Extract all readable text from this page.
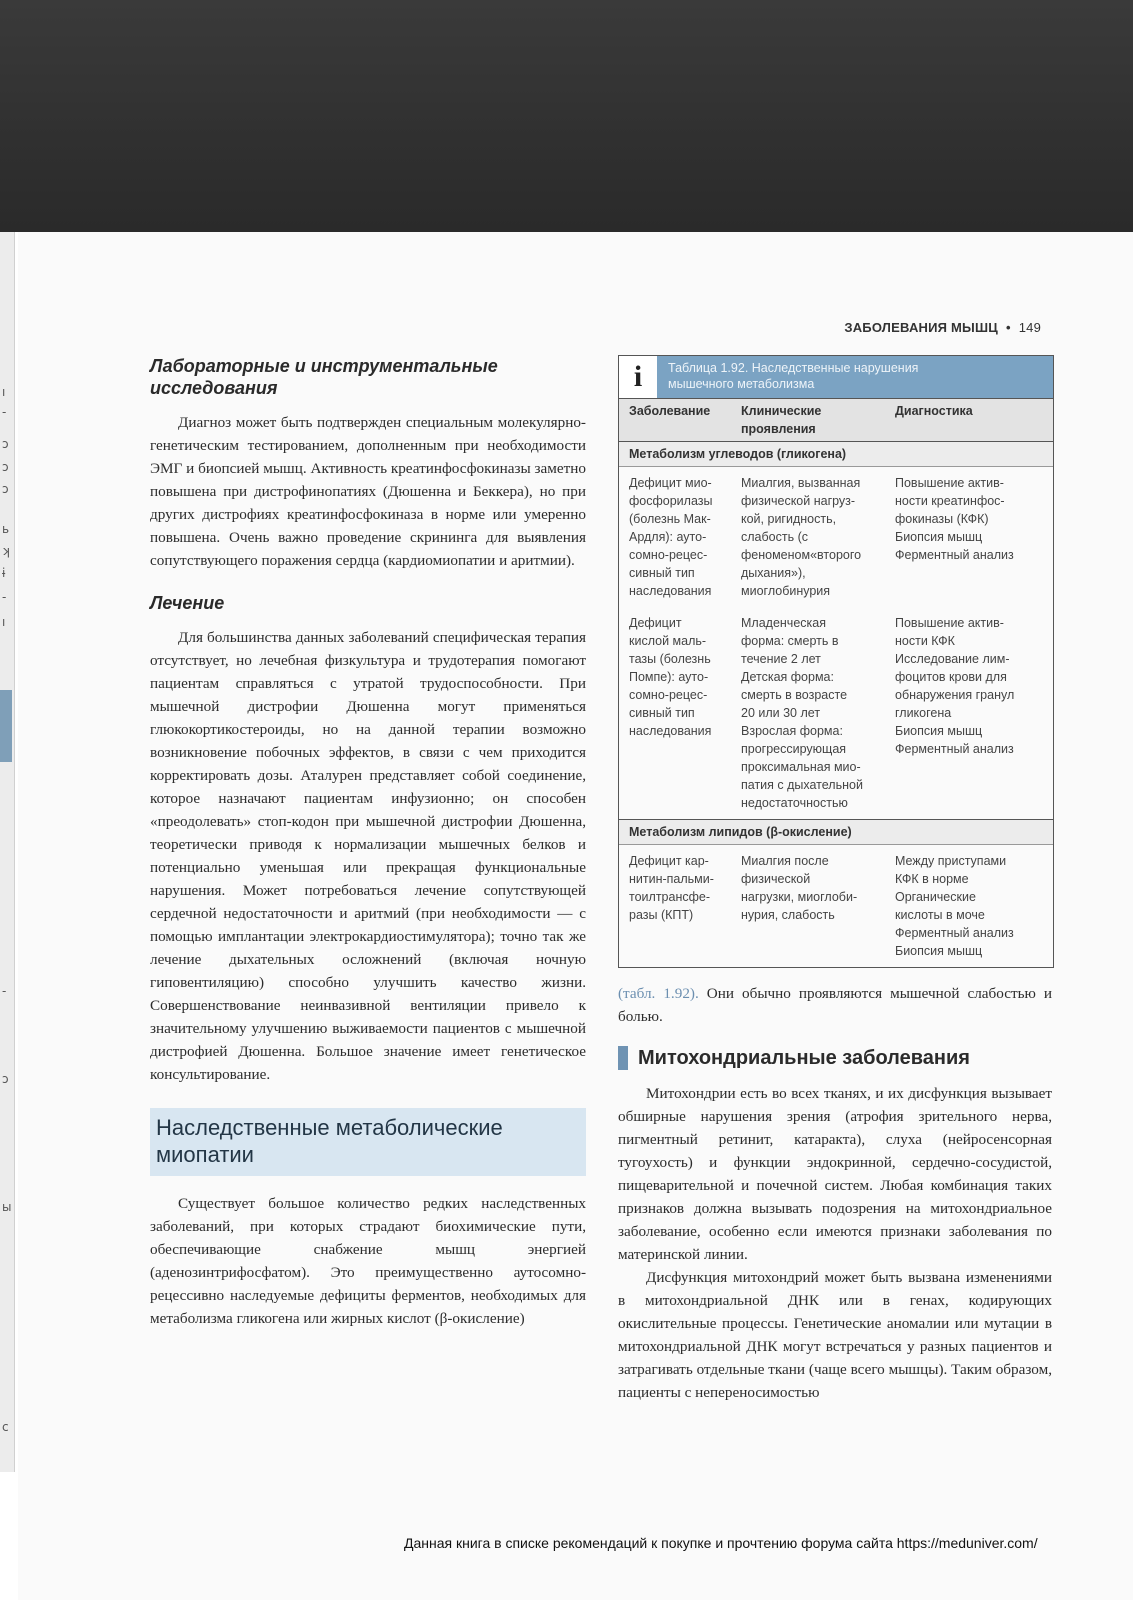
ı
-
ɔ
ɔ
ɔ
ь
ʞ
ɨ
-
ı
-
ɔ
ы
c
ЗАБОЛЕВАНИЯ МЫШЦ • 149
Лабораторные и инструментальные
исследования

Диагноз может быть подтвержден специальным молекулярно-генетическим тестированием, дополненным при необходимости ЭМГ и биопсией мышц. Активность креатинфосфокиназы заметно повышена при дистрофинопатиях (Дюшенна и Беккера), но при других дистрофиях креатинфосфокиназа в норме или умеренно повышена. Очень важно проведение скрининга для выявления сопутствующего поражения сердца (кардиомиопатии и аритмии).

Лечение

Для большинства данных заболеваний специфическая терапия отсутствует, но лечебная физкультура и трудотерапия помогают пациентам справляться с утратой трудоспособности. При мышечной дистрофии Дюшенна могут применяться глюкокортикостероиды, но на данной терапии возможно возникновение побочных эффектов, в связи с чем приходится корректировать дозы. Аталурен представляет собой соединение, которое назначают пациентам инфузионно; он способен «преодолевать» стоп-кодон при мышечной дистрофии Дюшенна, теоретически приводя к нормализации мышечных белков и потенциально уменьшая или прекращая функциональные нарушения. Может потребоваться лечение сопутствующей сердечной недостаточности и аритмий (при необходимости — с помощью имплантации электрокардиостимулятора); точно так же лечение дыхательных осложнений (включая ночную гиповентиляцию) способно улучшить качество жизни. Совершенствование неинвазивной вентиляции привело к значительному улучшению выживаемости пациентов с мышечной дистрофией Дюшенна. Большое значение имеет генетическое консультирование.

Наследственные метаболические
миопатии

Существует большое количество редких наследственных заболеваний, при которых страдают биохимические пути, обеспечивающие снабжение мышц энергией (аденозинтрифосфатом). Это преимущественно аутосомно-рецессивно наследуемые дефициты ферментов, необходимых для метаболизма гликогена или жирных кислот (β-окисление)

i	Таблица 1.92. Наследственные нарушения
мышечного метаболизма
Заболевание	Клинические
проявления
Диагностика
Метаболизм углеводов (гликогена)
Дефицит мио-
фосфорилазы
(болезнь Мак-
Ардля): ауто-
сомно-рецес-
сивный тип
наследования
Миалгия, вызванная
физической нагруз-
кой, ригидность,
слабость (с
феноменом«второго
дыхания»),
миоглобинурия
Повышение актив-
ности креатинфос-
фокиназы (КФК)
Биопсия мышц
Ферментный анализ
Дефицит
кислой маль-
тазы (болезнь
Помпе): ауто-
сомно-рецес-
сивный тип
наследования
Младенческая
форма: смерть в
течение 2 лет
Детская форма:
смерть в возрасте
20 или 30 лет
Взрослая форма:
прогрессирующая
проксимальная мио-
патия с дыхательной
недостаточностью
Повышение актив-
ности КФК
Исследование лим-
фоцитов крови для
обнаружения гранул
гликогена
Биопсия мышц
Ферментный анализ
Метаболизм липидов (β-окисление)
Дефицит кар-
нитин-пальми-
тоилтрансфе-
разы (КПТ)
Миалгия после
физической
нагрузки, миоглоби-
нурия, слабость
Между приступами
КФК в норме
Органические
кислоты в моче
Ферментный анализ
Биопсия мышц

(табл. 1.92). Они обычно проявляются мышечной слабостью и болью.

Митохондриальные заболевания

Митохондрии есть во всех тканях, и их дисфункция вызывает обширные нарушения зрения (атрофия зрительного нерва, пигментный ретинит, катаракта), слуха (нейросенсорная тугоухость) и функции эндокринной, сердечно-сосудистой, пищеварительной и почечной систем. Любая комбинация таких признаков должна вызывать подозрения на митохондриальное заболевание, особенно если имеются признаки заболевания по материнской линии.

Дисфункция митохондрий может быть вызвана изменениями в митохондриальной ДНК или в генах, кодирующих окислительные процессы. Генетические аномалии или мутации в митохондриальной ДНК могут встречаться у разных пациентов и затрагивать отдельные ткани (чаще всего мышцы). Таким образом, пациенты с непереносимостью

Данная книга в списке рекомендаций к покупке и прочтению форума сайта https://meduniver.com/
